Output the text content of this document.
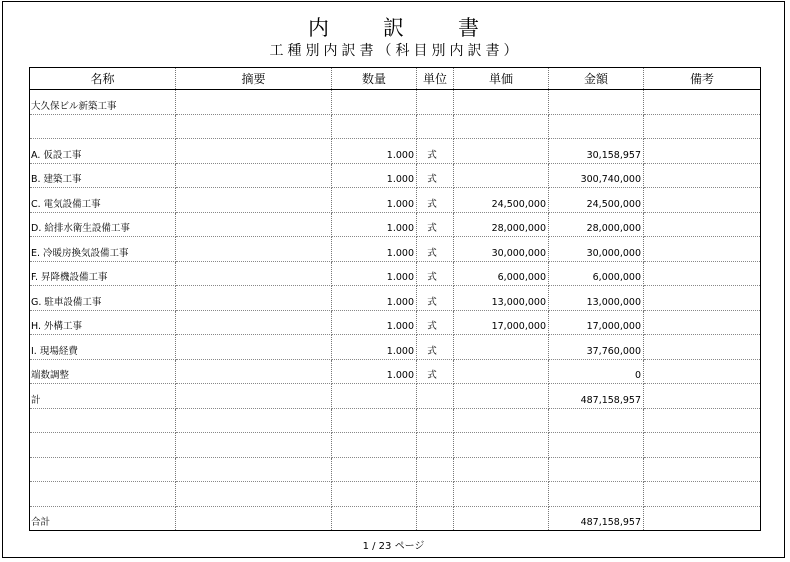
内訳書
工種別内訳書（科目別内訳書）
1 / 23 ページ
名称	摘要	数量	単位	単価	金額	備考
大久保ビル新築工事						

A. 仮設工事		1.000	式		30,158,957	
B. 建築工事		1.000	式		300,740,000	
C. 電気設備工事		1.000	式	24,500,000	24,500,000	
D. 給排水衛生設備工事		1.000	式	28,000,000	28,000,000	
E. 冷暖房換気設備工事		1.000	式	30,000,000	30,000,000	
F. 昇降機設備工事		1.000	式	6,000,000	6,000,000	
G. 駐車設備工事		1.000	式	13,000,000	13,000,000	
H. 外構工事		1.000	式	17,000,000	17,000,000	
I. 現場経費		1.000	式		37,760,000	
端数調整		1.000	式		0	
計					487,158,957	

合計					487,158,957	
